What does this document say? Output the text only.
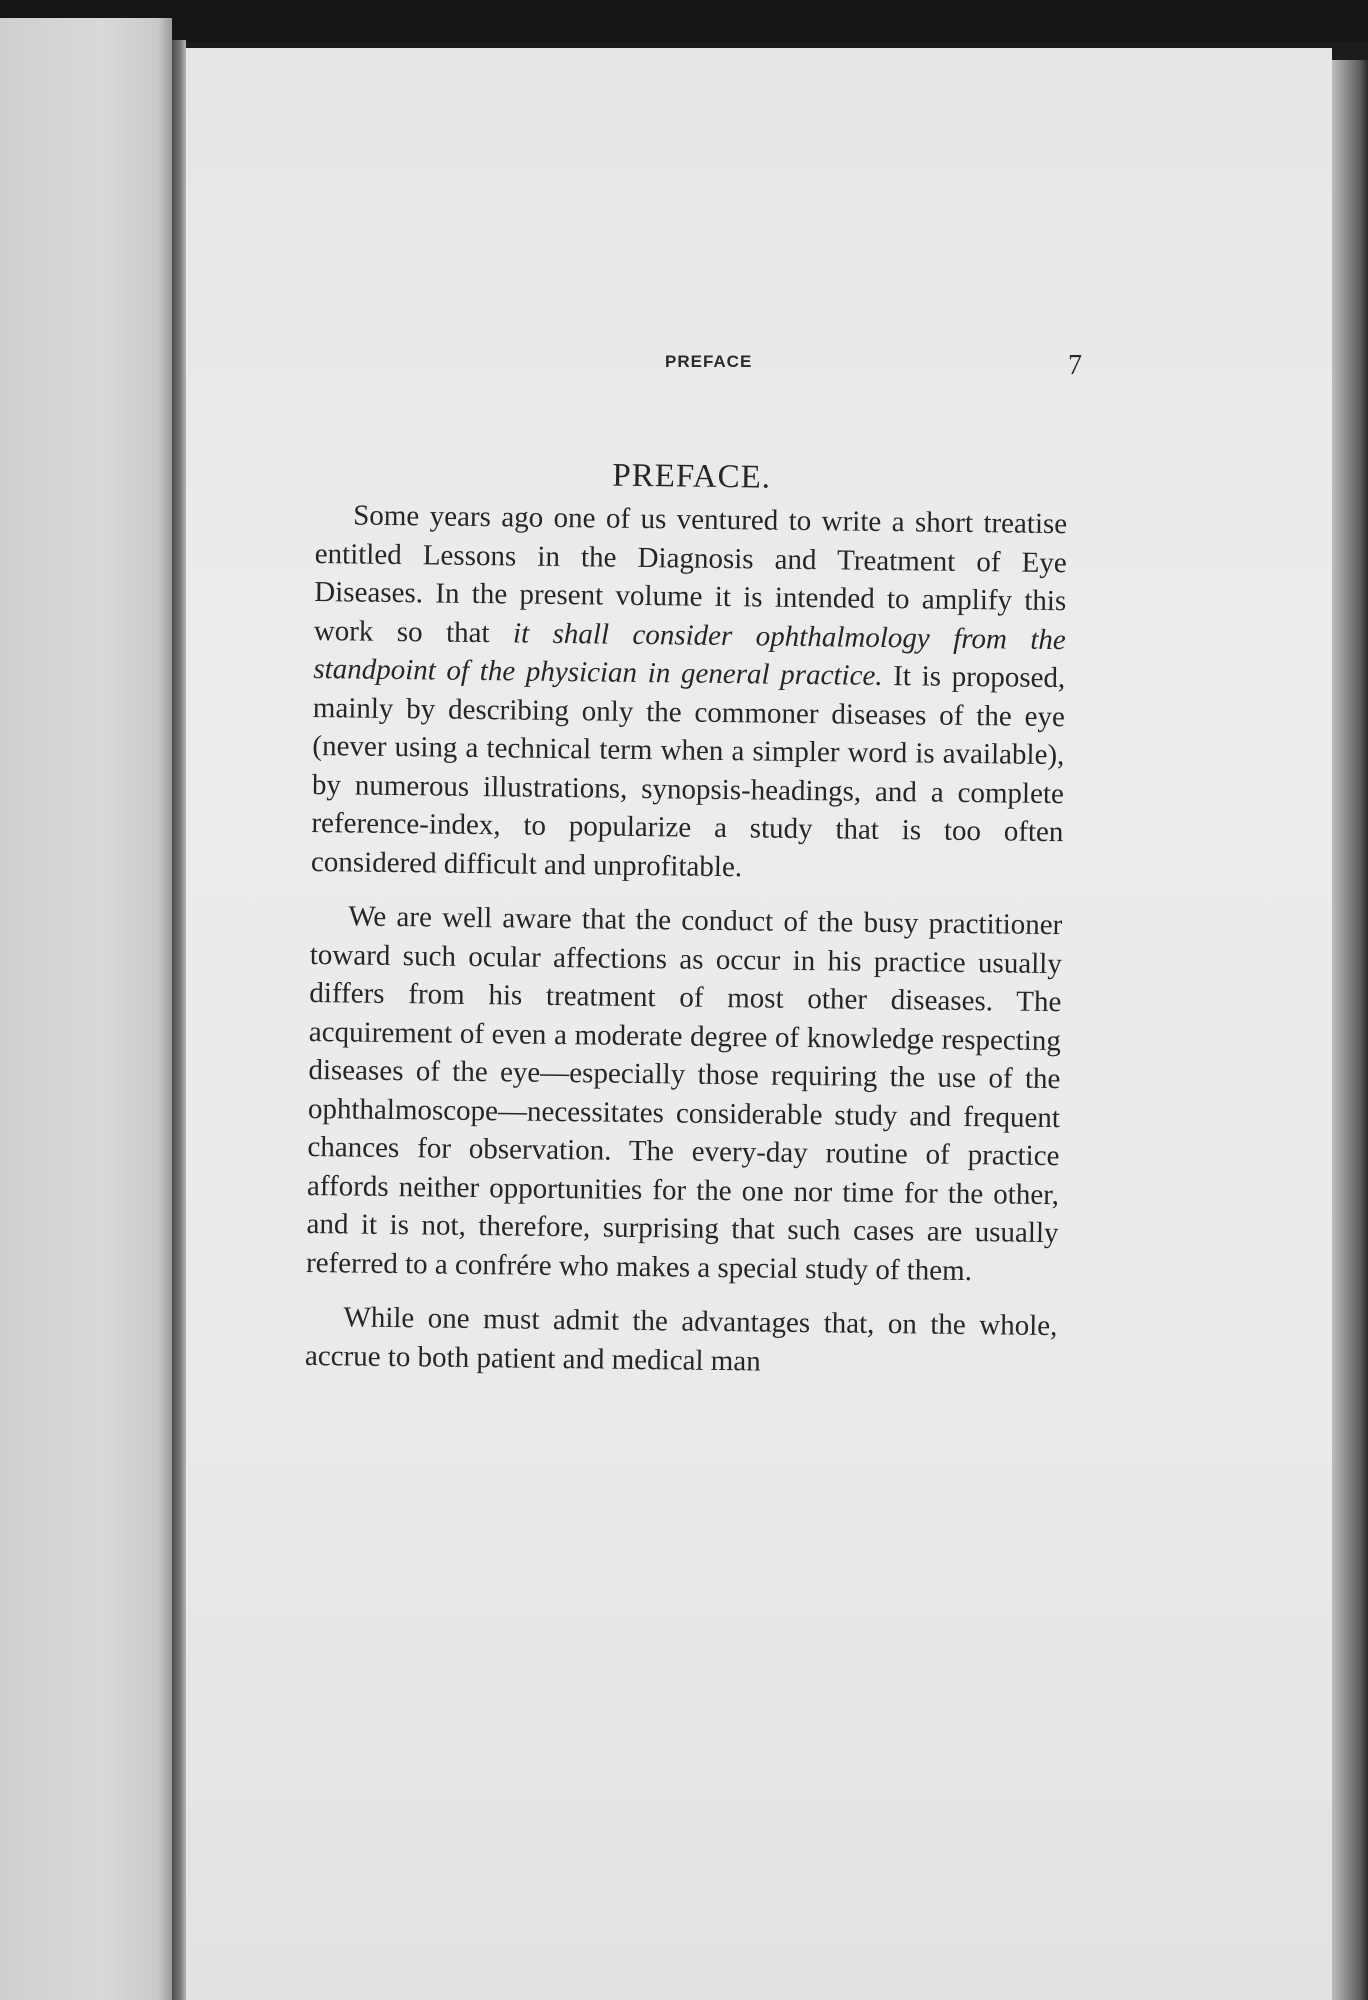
PREFACE	7
PREFACE.

Some years ago one of us ventured to write a short treatise entitled Lessons in the Diagnosis and Treatment of Eye Diseases. In the present volume it is intended to amplify this work so that it shall consider ophthalmology from the standpoint of the physician in general practice. It is proposed, mainly by describing only the commoner diseases of the eye (never using a technical term when a simpler word is available), by numerous illustrations, synopsis-headings, and a complete reference-index, to popularize a study that is too often considered difficult and unprofitable.

We are well aware that the conduct of the busy practitioner toward such ocular affections as occur in his practice usually differs from his treatment of most other diseases. The acquirement of even a moderate degree of knowledge respecting diseases of the eye—especially those requiring the use of the ophthalmoscope—necessitates considerable study and frequent chances for observation. The every-day routine of practice affords neither opportunities for the one nor time for the other, and it is not, therefore, surprising that such cases are usually referred to a confrére who makes a special study of them.

While one must admit the advantages that, on the whole, accrue to both patient and medical man
